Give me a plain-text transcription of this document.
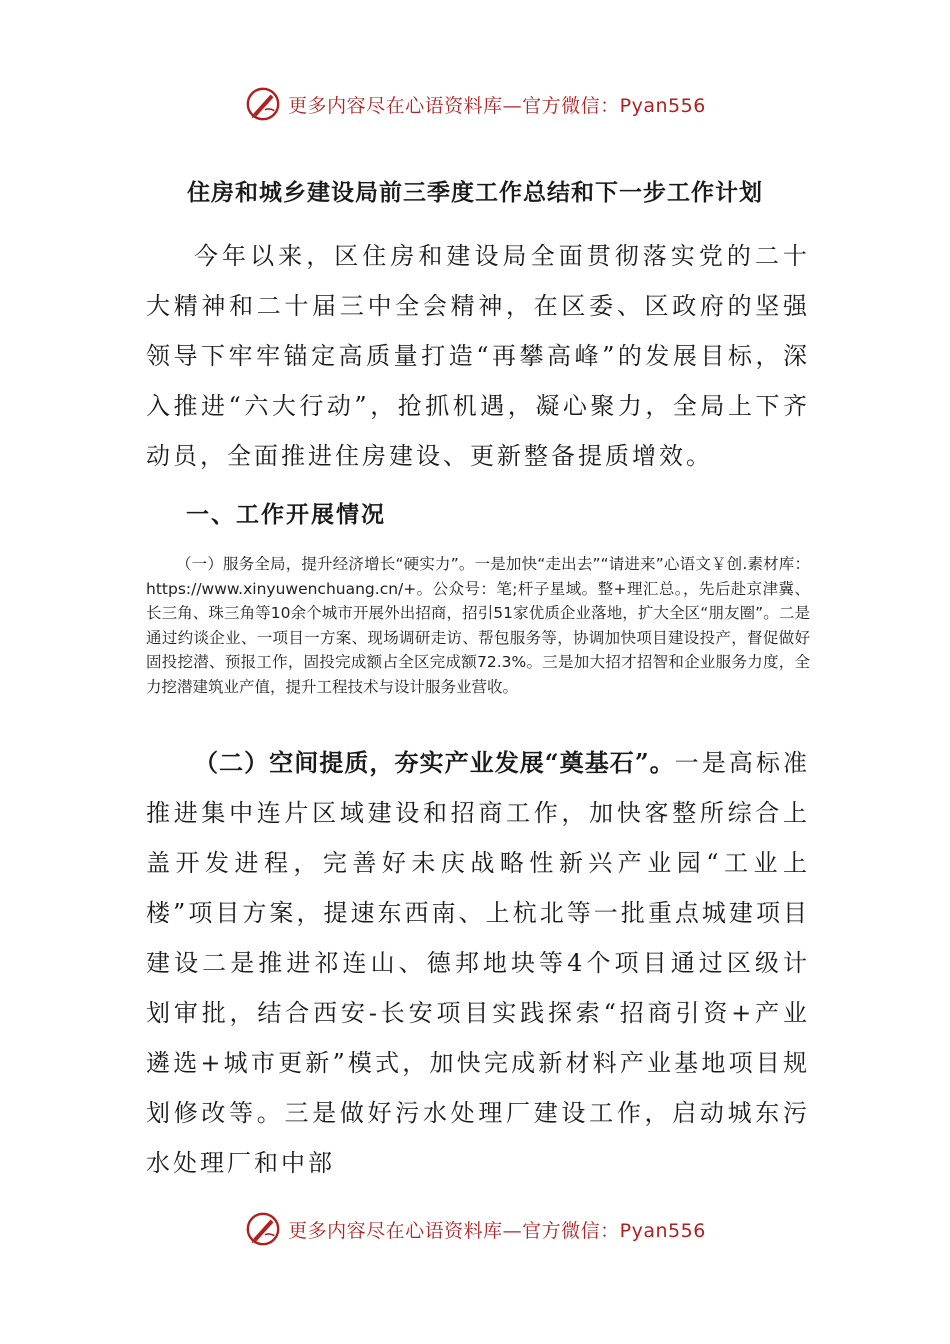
更多内容尽在心语资料库—官方微信：Pyan556
住房和城乡建设局前三季度工作总结和下一步工作计划

今年以来，区住房和建设局全面贯彻落实党的二十大精神和二十届三中全会精神，在区委、区政府的坚强领导下牢牢锚定高质量打造“再攀高峰”的发展目标，深入推进“六大行动”，抢抓机遇，凝心聚力，全局上下齐动员，全面推进住房建设、更新整备提质增效。

一、工作开展情况

（一）服务全局，提升经济增长“硬实力”。一是加快“走出去”“请进来”心语文￥创.素材库：https://www.xinyuwenchuang.cn/+。公众号：笔;杆子星域。整+理汇总。，先后赴京津冀、长三角、珠三角等10余个城市开展外出招商，招引51家优质企业落地，扩大全区“朋友圈”。二是通过约谈企业、一项目一方案、现场调研走访、帮包服务等，协调加快项目建设投产，督促做好固投挖潜、预报工作，固投完成额占全区完成额72.3%。三是加大招才招智和企业服务力度，全力挖潜建筑业产值，提升工程技术与设计服务业营收。

（二）空间提质，夯实产业发展“奠基石”。一是高标准推进集中连片区域建设和招商工作，加快客整所综合上盖开发进程，完善好未庆战略性新兴产业园“工业上楼”项目方案，提速东西南、上杭北等一批重点城建项目建设二是推进祁连山、德邦地块等4个项目通过区级计划审批，结合西安-长安项目实践探索“招商引资+产业遴选+城市更新”模式，加快完成新材料产业基地项目规划修改等。三是做好污水处理厂建设工作，启动城东污水处理厂和中部

更多内容尽在心语资料库—官方微信：Pyan556
